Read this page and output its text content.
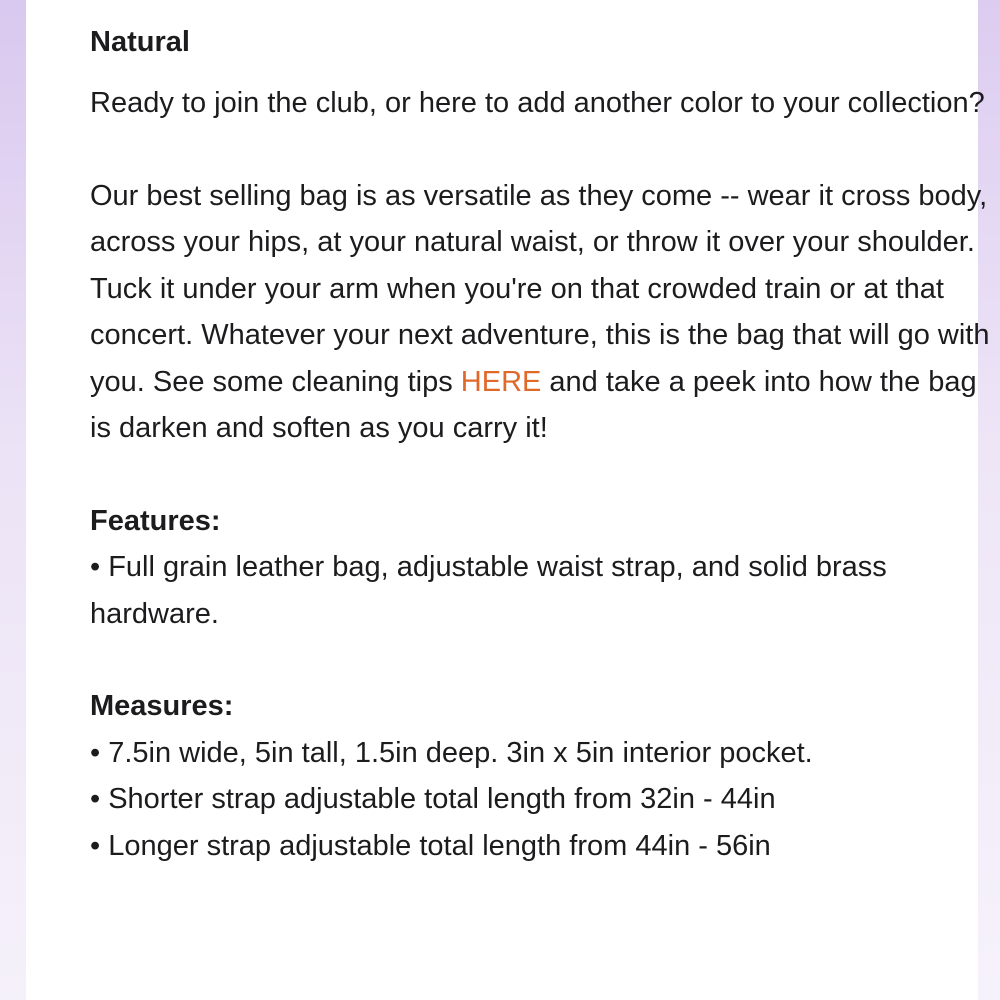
Natural

Ready to join the club, or here to add another color to your collection?

Our best selling bag is as versatile as they come -- wear it cross body, across your hips, at your natural waist, or throw it over your shoulder. Tuck it under your arm when you're on that crowded train or at that concert. Whatever your next adventure, this is the bag that will go with you. See some cleaning tips HERE and take a peek into how the bag is darken and soften as you carry it!

Features:

• Full grain leather bag, adjustable waist strap, and solid brass hardware.

Measures:

• 7.5in wide, 5in tall, 1.5in deep. 3in x 5in interior pocket.

• Shorter strap adjustable total length from 32in - 44in

• Longer strap adjustable total length from 44in - 56in
